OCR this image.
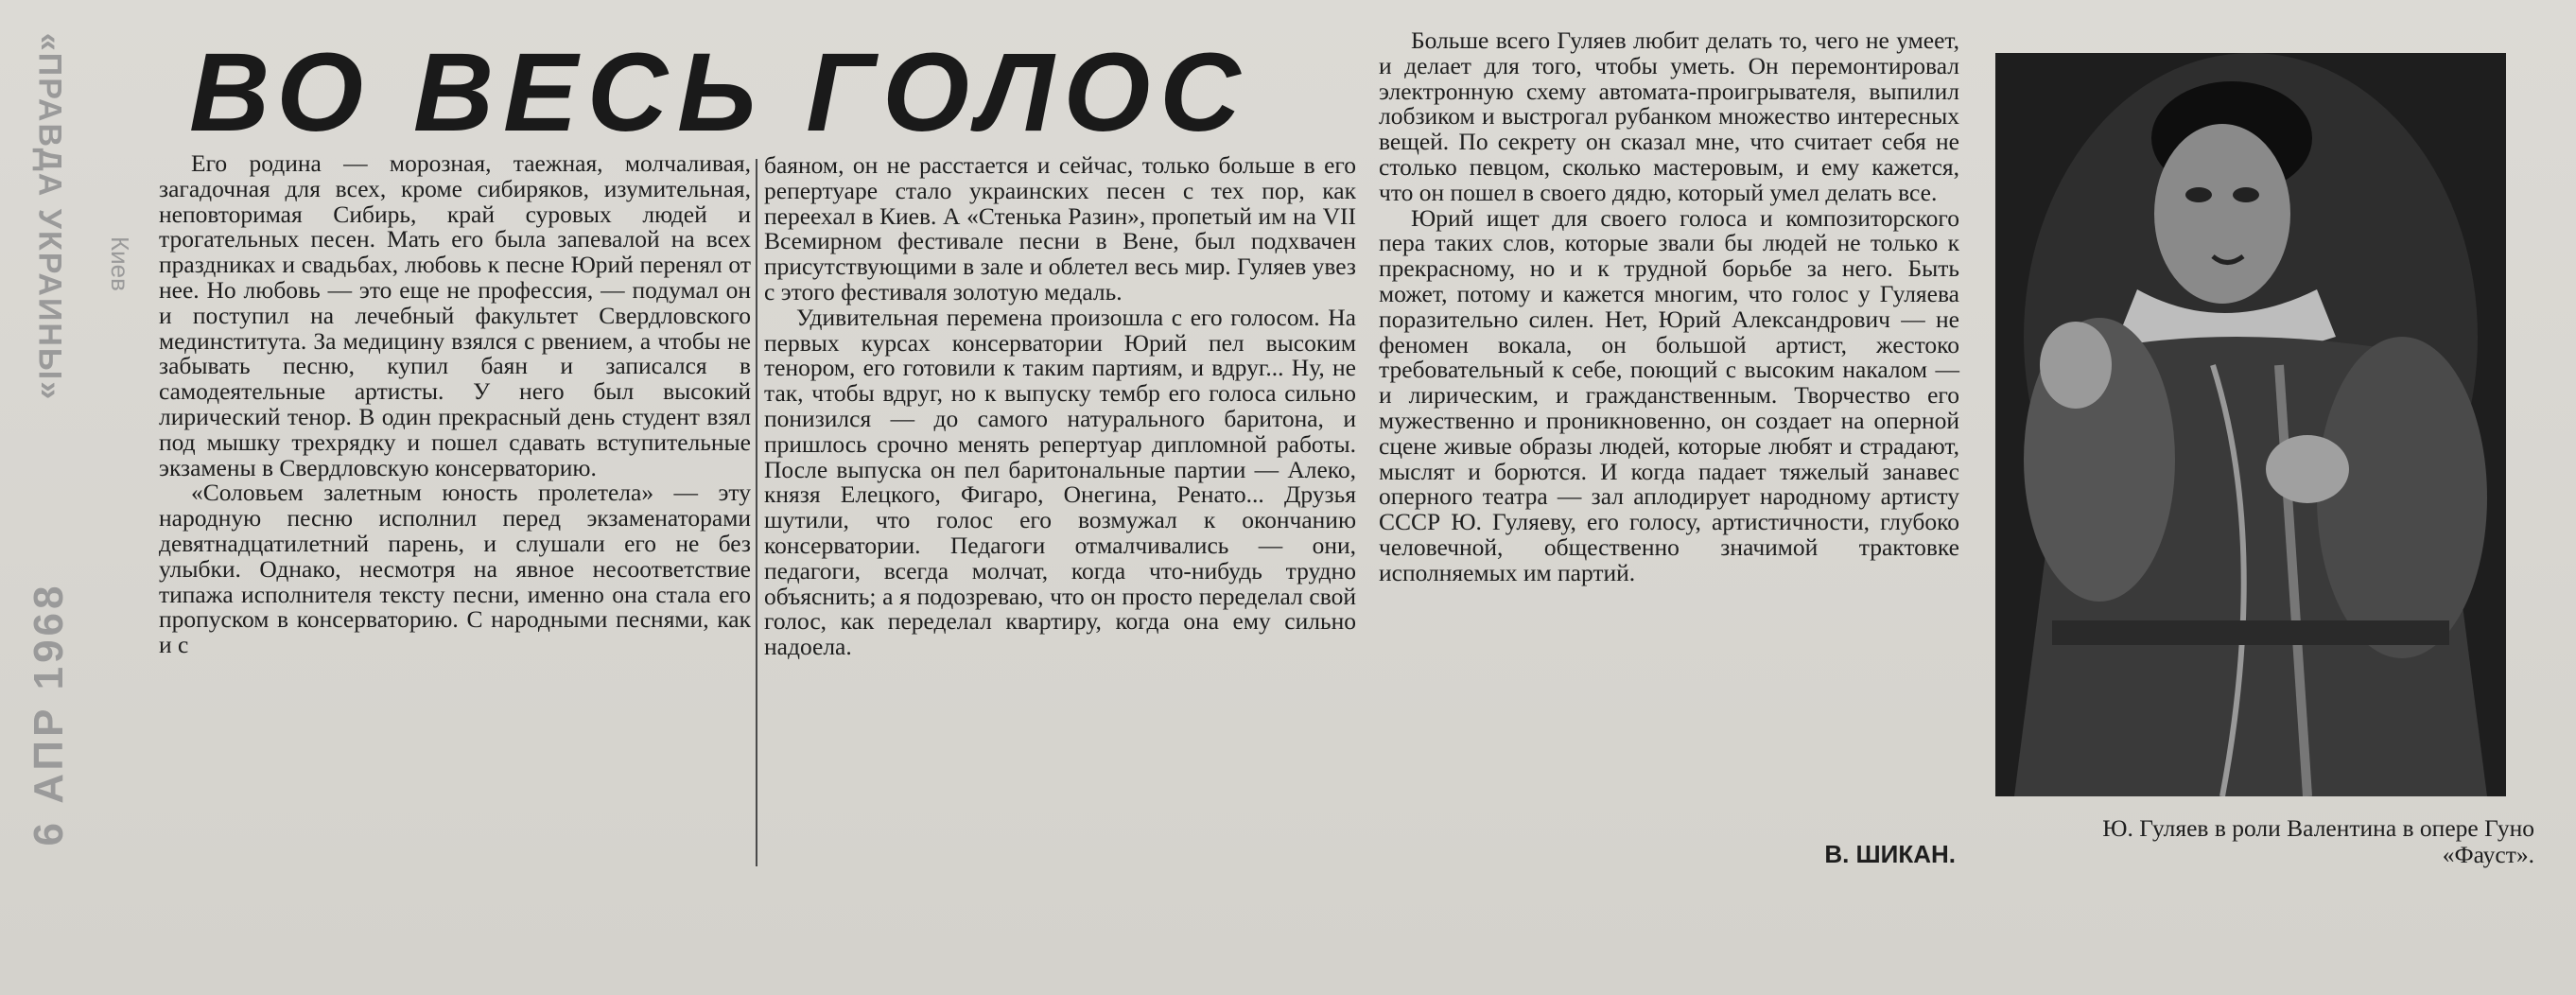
«ПРАВДА УКРАИНЫ» Киев
6 АПР 1968
ВО ВЕСЬ ГОЛОС

Его родина — морозная, таежная, молчаливая, загадочная для всех, кроме сибиряков, изумительная, неповторимая Сибирь, край суровых людей и трогательных песен. Мать его была запевалой на всех праздниках и свадьбах, любовь к песне Юрий перенял от нее. Но любовь — это еще не профессия, — подумал он и поступил на лечебный факультет Свердловского мединститута. За медицину взялся с рвением, а чтобы не забывать песню, купил баян и записался в самодеятельные артисты. У него был высокий лирический тенор. В один прекрасный день студент взял под мышку трехрядку и пошел сдавать вступительные экзамены в Свердловскую консерваторию.

«Соловьем залетным юность пролетела» — эту народную песню исполнил перед экзаменаторами девятнадцатилетний парень, и слушали его не без улыбки. Однако, несмотря на явное несоответствие типажа исполнителя тексту песни, именно она стала его пропуском в консерваторию. С народными песнями, как и с

баяном, он не расстается и сейчас, только больше в его репертуаре стало украинских песен с тех пор, как переехал в Киев. А «Стенька Разин», пропетый им на VII Всемирном фестивале песни в Вене, был подхвачен присутствующими в зале и облетел весь мир. Гуляев увез с этого фестиваля золотую медаль.

Удивительная перемена произошла с его голосом. На первых курсах консерватории Юрий пел высоким тенором, его готовили к таким партиям, и вдруг... Ну, не так, чтобы вдруг, но к выпуску тембр его голоса сильно понизился — до самого натурального баритона, и пришлось срочно менять репертуар дипломной работы. После выпуска он пел баритональные партии — Алеко, князя Елецкого, Фигаро, Онегина, Ренато... Друзья шутили, что голос его возмужал к окончанию консерватории. Педагоги отмалчивались — они, педагоги, всегда молчат, когда что-нибудь трудно объяснить; а я подозреваю, что он просто переделал свой голос, как переделал квартиру, когда она ему сильно надоела.

Больше всего Гуляев любит делать то, чего не умеет, и делает для того, чтобы уметь. Он перемонтировал электронную схему автомата-проигрывателя, выпилил лобзиком и выстрогал рубанком множество интересных вещей. По секрету он сказал мне, что считает себя не столько певцом, сколько мастеровым, и ему кажется, что он пошел в своего дядю, который умел делать все.

Юрий ищет для своего голоса и композиторского пера таких слов, которые звали бы людей не только к прекрасному, но и к трудной борьбе за него. Быть может, потому и кажется многим, что голос у Гуляева поразительно силен. Нет, Юрий Александрович — не феномен вокала, он большой артист, жестоко требовательный к себе, поющий с высоким накалом — и лирическим, и гражданственным. Творчество его мужественно и проникновенно, он создает на оперной сцене живые образы людей, которые любят и страдают, мыслят и борются. И когда падает тяжелый занавес оперного театра — зал аплодирует народному артисту СССР Ю. Гуляеву, его голосу, артистичности, глубоко человечной, общественно значимой трактовке исполняемых им партий.

В. ШИКАН.
Ю. Гуляев в роли Валентина в опере Гуно «Фауст».
